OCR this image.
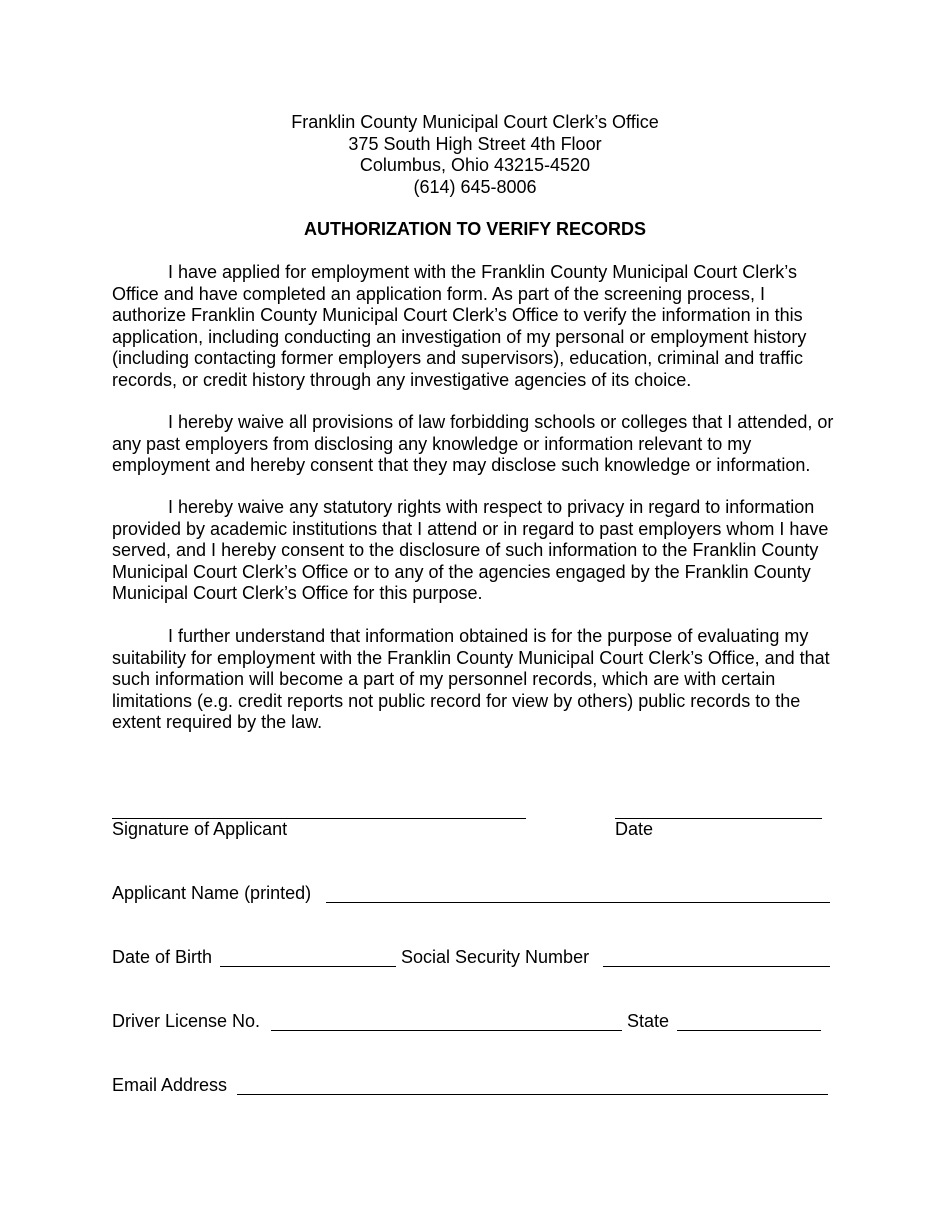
Franklin County Municipal Court Clerk’s Office
375 South High Street 4th Floor
Columbus, Ohio 43215-4520
(614) 645-8006
AUTHORIZATION TO VERIFY RECORDS

I have applied for employment with the Franklin County Municipal Court Clerk’s Office and have completed an application form. As part of the screening process, I authorize Franklin County Municipal Court Clerk’s Office to verify the information in this application, including conducting an investigation of my personal or employment history (including contacting former employers and supervisors), education, criminal and traffic records, or credit history through any investigative agencies of its choice.

I hereby waive all provisions of law forbidding schools or colleges that I attended, or any past employers from disclosing any knowledge or information relevant to my employment and hereby consent that they may disclose such knowledge or information.

I hereby waive any statutory rights with respect to privacy in regard to information provided by academic institutions that I attend or in regard to past employers whom I have served, and I hereby consent to the disclosure of such information to the Franklin County Municipal Court Clerk’s Office or to any of the agencies engaged by the Franklin County Municipal Court Clerk’s Office for this purpose.

I further understand that information obtained is for the purpose of evaluating my suitability for employment with the Franklin County Municipal Court Clerk’s Office, and that such information will become a part of my personnel records, which are with certain limitations (e.g. credit reports not public record for view by others) public records to the extent required by the law.

Signature of Applicant	Date
Applicant Name (printed)
Date of Birth	Social Security Number
Driver License No.	State
Email Address
